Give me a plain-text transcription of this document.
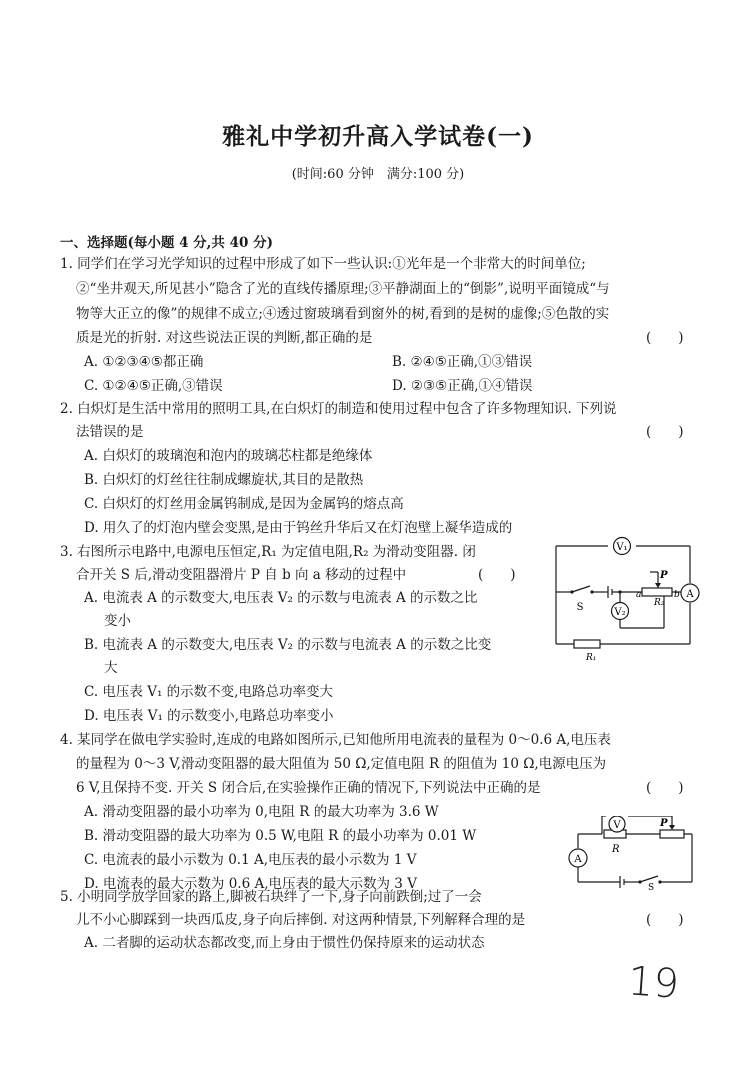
雅礼中学初升高入学试卷(一)
(时间:60 分钟　满分:100 分)
一、选择题(每小题 4 分,共 40 分)
1. 同学们在学习光学知识的过程中形成了如下一些认识:①光年是一个非常大的时间单位;
②“坐井观天,所见甚小”隐含了光的直线传播原理;③平静湖面上的“倒影”,说明平面镜成“与
物等大正立的像”的规律不成立;④透过窗玻璃看到窗外的树,看到的是树的虚像;⑤色散的实
质是光的折射. 对这些说法正误的判断,都正确的是	(　　)
A. ①②③④⑤都正确	B. ②④⑤正确,①③错误
C. ①②④⑤正确,③错误	D. ②③⑤正确,①④错误
2. 白炽灯是生活中常用的照明工具,在白炽灯的制造和使用过程中包含了许多物理知识. 下列说
法错误的是	(　　)
A. 白炽灯的玻璃泡和泡内的玻璃芯柱都是绝缘体
B. 白炽灯的灯丝往往制成螺旋状,其目的是散热
C. 白炽灯的灯丝用金属钨制成,是因为金属钨的熔点高
D. 用久了的灯泡内壁会变黑,是由于钨丝升华后又在灯泡壁上凝华造成的
3. 右图所示电路中,电源电压恒定,R₁ 为定值电阻,R₂ 为滑动变阻器. 闭
合开关 S 后,滑动变阻器滑片 P 自 b 向 a 移动的过程中	(　　)
A. 电流表 A 的示数变大,电压表 V₂ 的示数与电流表 A 的示数之比
变小
B. 电流表 A 的示数变大,电压表 V₂ 的示数与电流表 A 的示数之比变
大
C. 电压表 V₁ 的示数不变,电路总功率变大
D. 电压表 V₁ 的示数变小,电路总功率变小
V₁
V₂
A
S
P
a	b
R₂
R₁
4. 某同学在做电学实验时,连成的电路如图所示,已知他所用电流表的量程为 0～0.6 A,电压表
的量程为 0～3 V,滑动变阻器的最大阻值为 50 Ω,定值电阻 R 的阻值为 10 Ω,电源电压为
6 V,且保持不变. 开关 S 闭合后,在实验操作正确的情况下,下列说法中正确的是	(　　)
A. 滑动变阻器的最小功率为 0,电阻 R 的最大功率为 3.6 W
B. 滑动变阻器的最大功率为 0.5 W,电阻 R 的最小功率为 0.01 W
C. 电流表的最小示数为 0.1 A,电压表的最小示数为 1 V
D. 电流表的最大示数为 0.6 A,电压表的最大示数为 3 V
V
A
R
P
S
5. 小明同学放学回家的路上,脚被石块绊了一下,身子向前跌倒;过了一会
儿不小心脚踩到一块西瓜皮,身子向后摔倒. 对这两种情景,下列解释合理的是	(　　)
A. 二者脚的运动状态都改变,而上身由于惯性仍保持原来的运动状态
19
